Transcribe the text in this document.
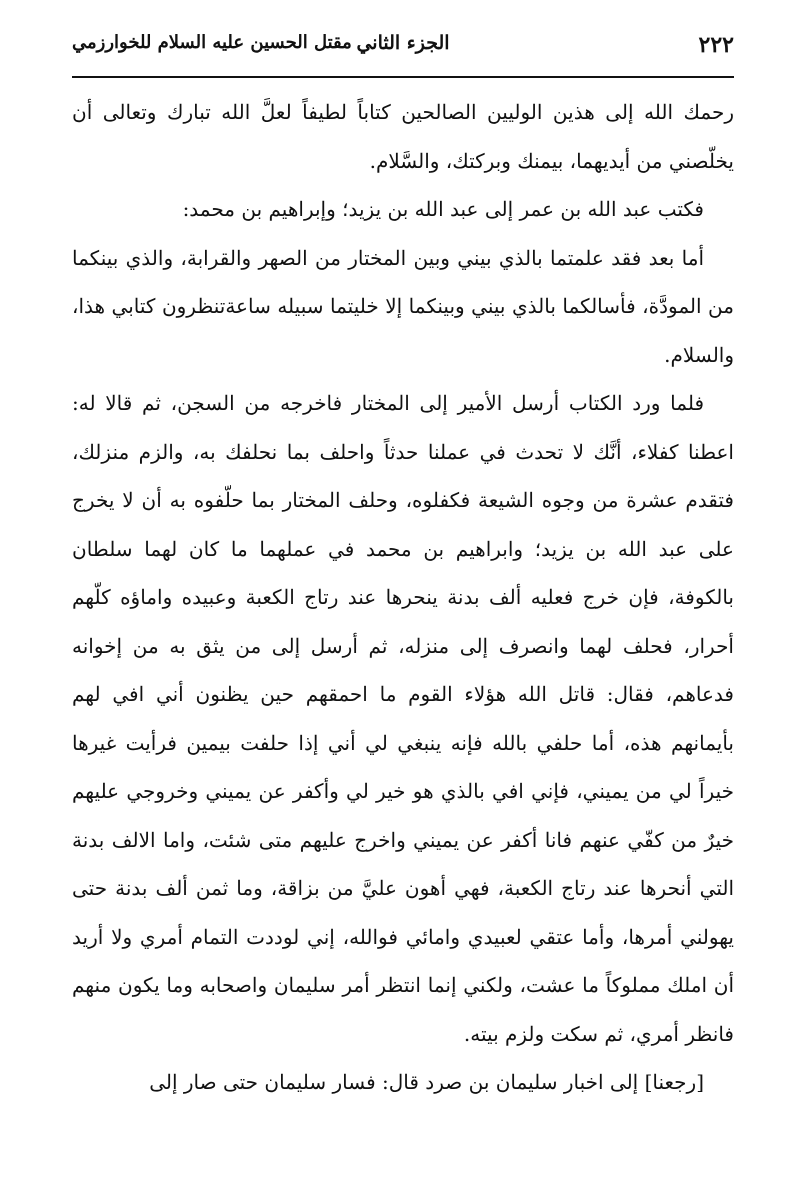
٢٢٢
الجزء الثاني
مقتل الحسين عليه السلام للخوارزمي

رحمك الله إلى هذين الوليين الصالحين كتاباً لطيفاً لعلَّ الله تبارك وتعالى أن يخلّصني من أيديهما، بيمنك وبركتك، والسَّلام.

فكتب عبد الله بن عمر إلى عبد الله بن يزيد؛ وإبراهيم بن محمد:

أما بعد فقد علمتما بالذي بيني وبين المختار من الصهر والقرابة، والذي بينكما من المودَّة، فأسالكما بالذي بيني وبينكما إلا خليتما سبيله ساعةتنظرون كتابي هذا، والسلام.

فلما ورد الكتاب أرسل الأمير إلى المختار فاخرجه من السجن، ثم قالا له: اعطنا كفلاء، أنَّك لا تحدث في عملنا حدثاً واحلف بما نحلفك به، والزم منزلك، فتقدم عشرة من وجوه الشيعة فكفلوه، وحلف المختار بما حلّفوه به أن لا يخرج على عبد الله بن يزيد؛ وابراهيم بن محمد في عملهما ما كان لهما سلطان بالكوفة، فإن خرج فعليه ألف بدنة ينحرها عند رتاج الكعبة وعبيده واماؤه كلّهم أحرار، فحلف لهما وانصرف إلى منزله، ثم أرسل إلى من يثق به من إخوانه فدعاهم، فقال: قاتل الله هؤلاء القوم ما احمقهم حين يظنون أني افي لهم بأيمانهم هذه، أما حلفي بالله فإنه ينبغي لي أني إذا حلفت بيمين فرأيت غيرها خيراً لي من يميني، فإني افي بالذي هو خير لي وأكفر عن يميني وخروجي عليهم خيرٌ من كفّي عنهم فانا أكفر عن يميني واخرج عليهم متى شئت، واما الالف بدنة التي أنحرها عند رتاج الكعبة، فهي أهون عليَّ من بزاقة، وما ثمن ألف بدنة حتى يهولني أمرها، وأما عتقي لعبيدي وامائي فوالله، إني لوددت التمام أمري ولا أريد أن املك مملوكاً ما عشت، ولكني إنما انتظر أمر سليمان واصحابه وما يكون منهم فانظر أمري، ثم سكت ولزم بيته.

[رجعنا] إلى اخبار سليمان بن صرد قال: فسار سليمان حتى صار إلى
